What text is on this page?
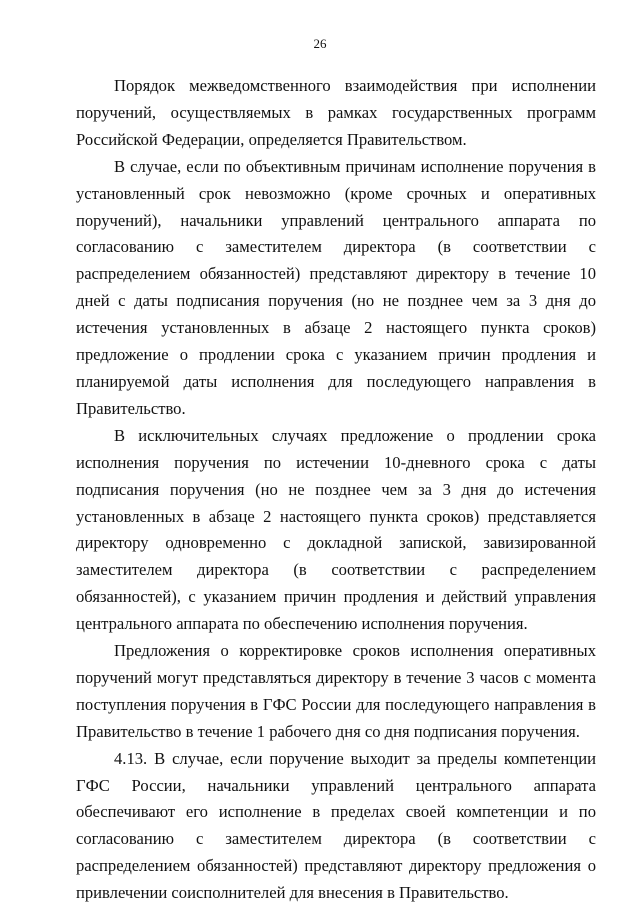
26

Порядок межведомственного взаимодействия при исполнении поручений, осуществляемых в рамках государственных программ Российской Федерации, определяется Правительством.

В случае, если по объективным причинам исполнение поручения в установленный срок невозможно (кроме срочных и оперативных поручений), начальники управлений центрального аппарата по согласованию с заместителем директора (в соответствии с распределением обязанностей) представляют директору в течение 10 дней с даты подписания поручения (но не позднее чем за 3 дня до истечения установленных в абзаце 2 настоящего пункта сроков) предложение о продлении срока с указанием причин продления и планируемой даты исполнения для последующего направления в Правительство.

В исключительных случаях предложение о продлении срока исполнения поручения по истечении 10-дневного срока с даты подписания поручения (но не позднее чем за 3 дня до истечения установленных в абзаце 2 настоящего пункта сроков) представляется директору одновременно с докладной запиской, завизированной заместителем директора (в соответствии с распределением обязанностей), с указанием причин продления и действий управления центрального аппарата по обеспечению исполнения поручения.

Предложения о корректировке сроков исполнения оперативных поручений могут представляться директору в течение 3 часов с момента поступления поручения в ГФС России для последующего направления в Правительство в течение 1 рабочего дня со дня подписания поручения.

4.13. В случае, если поручение выходит за пределы компетенции ГФС России, начальники управлений центрального аппарата обеспечивают его исполнение в пределах своей компетенции и по согласованию с заместителем директора (в соответствии с распределением обязанностей) представляют директору предложения о привлечении соисполнителей для внесения в Правительство.
